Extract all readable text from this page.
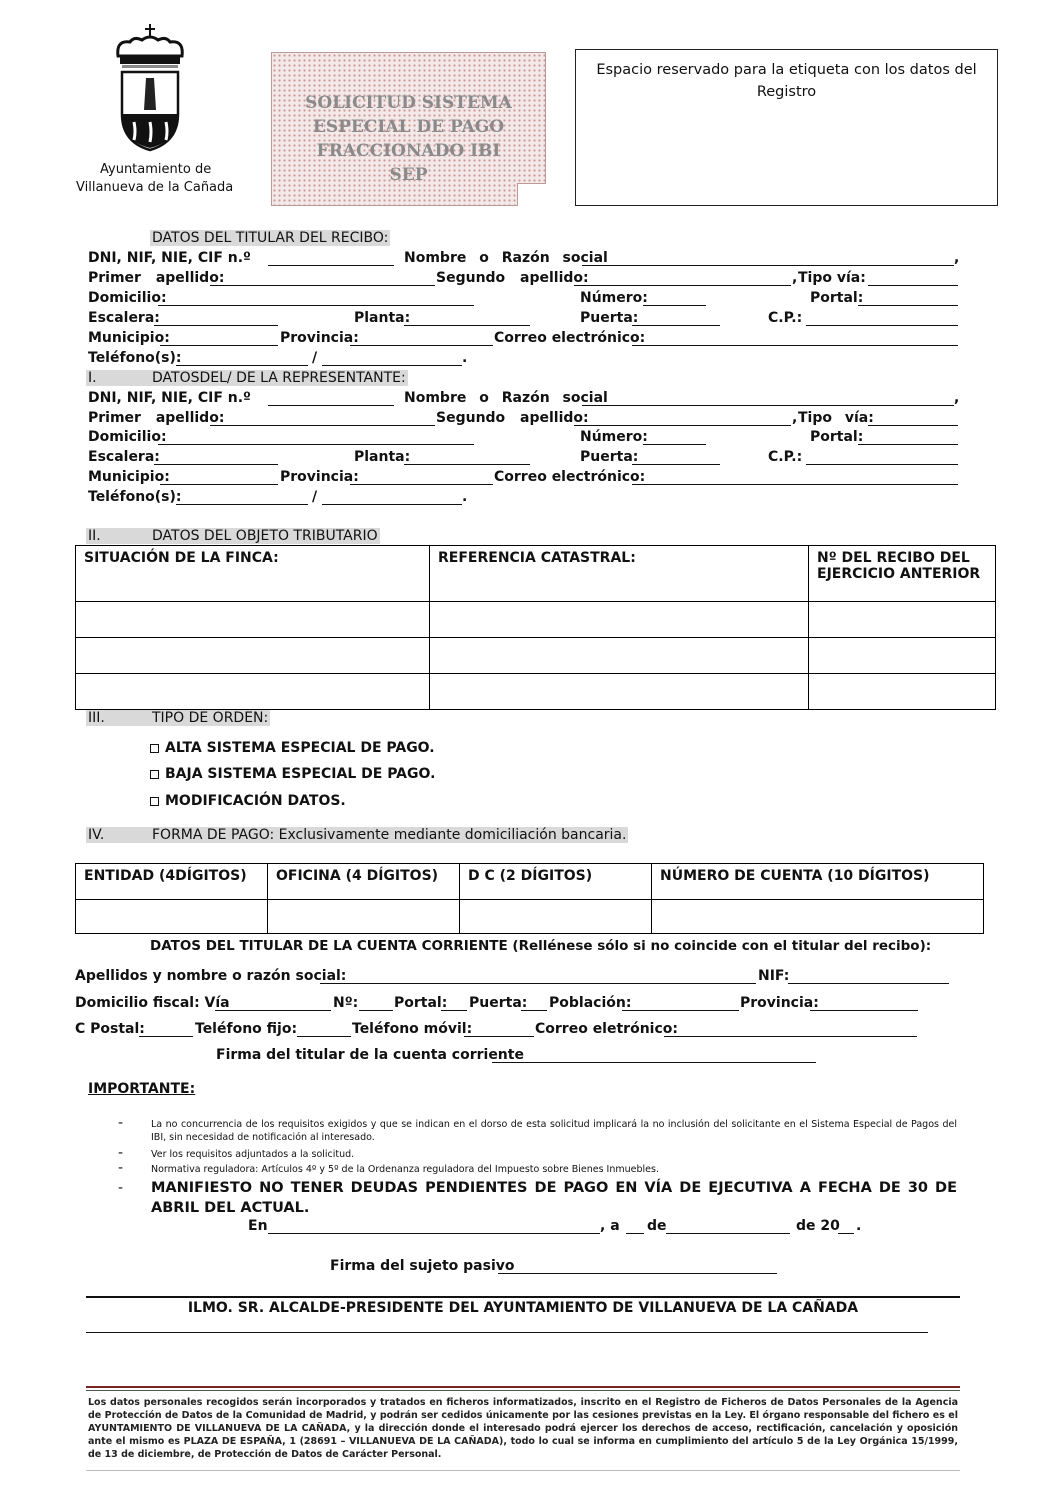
Ayuntamiento de
Villanueva de la Cañada
SOLICITUD SISTEMA
ESPECIAL DE PAGO
FRACCIONADO IBI
SEP
Espacio reservado para la etiqueta con los datos del Registro
DATOS DEL TITULAR DEL RECIBO:
DNI, NIF, NIE, CIF n.º	Nombre o Razón social	,
Primer apellido:	Segundo apellido:	, Tipo vía:
Domicilio:	Número:	Portal:
Escalera:	Planta:	Puerta:	C.P.:
Municipio:	Provincia:	Correo electrónico:
Teléfono(s):	/	.
I.	DATOSDEL/ DE LA REPRESENTANTE:
DNI, NIF, NIE, CIF n.º	Nombre o Razón social	,
Primer apellido:	Segundo apellido:	, Tipo vía:
Domicilio:	Número:	Portal:
Escalera:	Planta:	Puerta:	C.P.:
Municipio:	Provincia:	Correo electrónico:
Teléfono(s):	/	.
II.	DATOS DEL OBJETO TRIBUTARIO
SITUACIÓN DE LA FINCA:	REFERENCIA CATASTRAL:	Nº DEL RECIBO DEL EJERCICIO ANTERIOR

III.	TIPO DE ORDEN:
ALTA SISTEMA ESPECIAL DE PAGO.
BAJA SISTEMA ESPECIAL DE PAGO.
MODIFICACIÓN DATOS.
IV.	FORMA DE PAGO: Exclusivamente mediante domiciliación bancaria.
ENTIDAD (4DÍGITOS)	OFICINA (4 DÍGITOS)	D C (2 DÍGITOS)	NÚMERO DE CUENTA (10 DÍGITOS)

DATOS DEL TITULAR DE LA CUENTA CORRIENTE (Rellénese sólo si no coincide con el titular del recibo):
Apellidos y nombre o razón social:	NIF:
Domicilio fiscal: Vía	Nº:	Portal: Puerta: Población:	Provincia:
C Postal:	Teléfono fijo:	Teléfono móvil:	Correo eletrónico:
Firma del titular de la cuenta corriente
IMPORTANTE:
-	La no concurrencia de los requisitos exigidos y que se indican en el dorso de esta solicitud implicará la no inclusión del solicitante en el Sistema Especial de Pagos del IBI, sin necesidad de notificación al interesado.
-	Ver los requisitos adjuntados a la solicitud.
-	Normativa reguladora: Artículos 4º y 5º de la Ordenanza reguladora del Impuesto sobre Bienes Inmuebles.
- MANIFIESTO NO TENER DEUDAS PENDIENTES DE PAGO EN VÍA DE EJECUTIVA A FECHA DE 30 DE ABRIL DEL ACTUAL.
En	, a de	de 20 .
Firma del sujeto pasivo
ILMO. SR. ALCALDE-PRESIDENTE DEL AYUNTAMIENTO DE VILLANUEVA DE LA CAÑADA
Los datos personales recogidos serán incorporados y tratados en ficheros informatizados, inscrito en el Registro de Ficheros de Datos Personales de la Agencia de Protección de Datos de la Comunidad de Madrid, y podrán ser cedidos únicamente por las cesiones previstas en la Ley. El órgano responsable del fichero es el AYUNTAMIENTO DE VILLANUEVA DE LA CAÑADA, y la dirección donde el interesado podrá ejercer los derechos de acceso, rectificación, cancelación y oposición ante el mismo es PLAZA DE ESPAÑA, 1 (28691 – VILLANUEVA DE LA CAÑADA), todo lo cual se informa en cumplimiento del artículo 5 de la Ley Orgánica 15/1999, de 13 de diciembre, de Protección de Datos de Carácter Personal.
